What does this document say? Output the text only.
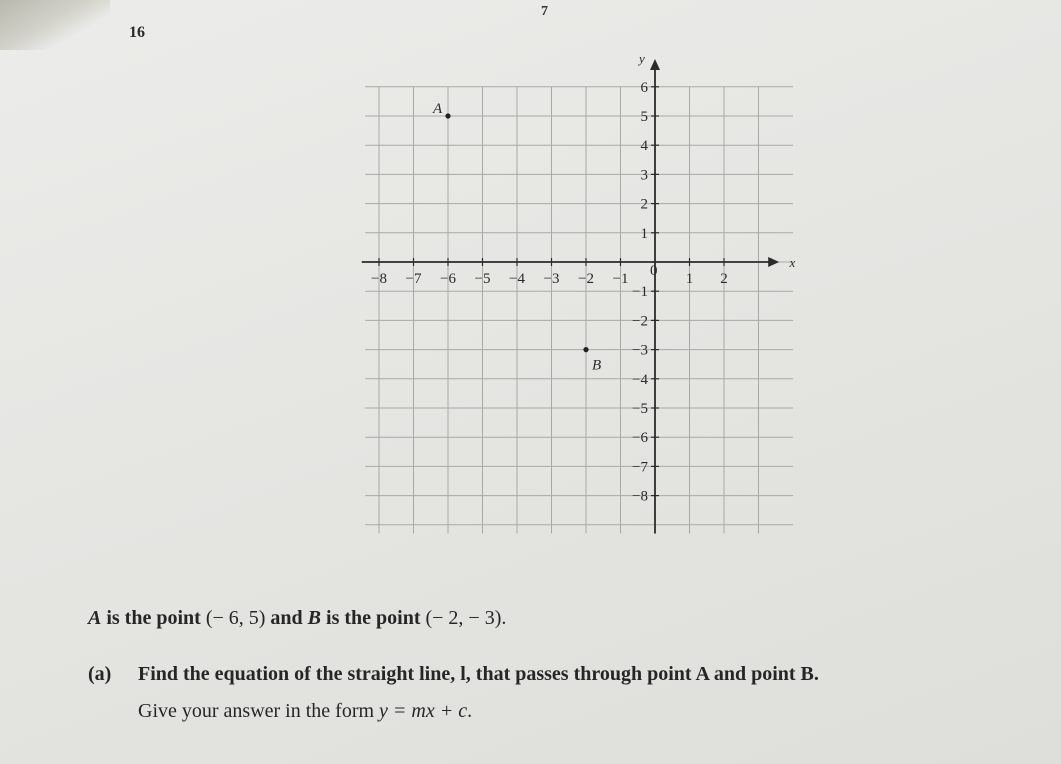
7
16
x
y
0
−8 −7 −6 −5 −4 −3 −2 −1	1 2
1
2
3
4
5
6
−1
−2
−3
−4
−5
−6
−7
−8
A
B
A is the point (− 6, 5) and B is the point (− 2, − 3).
(a) Find the equation of the straight line, l, that passes through point A and point B.
Give your answer in the form y = mx + c.
